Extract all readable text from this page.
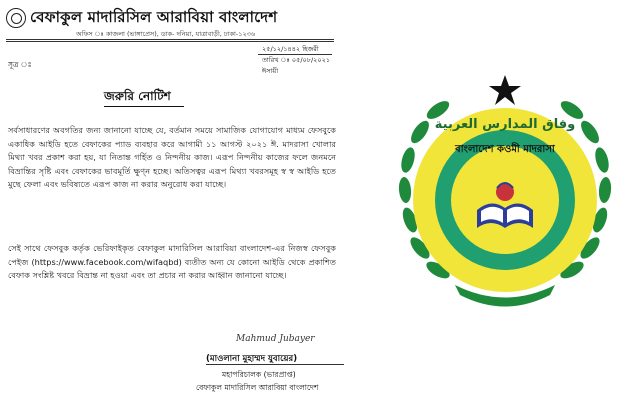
বেফাকুল মাদারিসিল আরাবিয়া বাংলাদেশ
অফিস ঃ কাজলা (ভাঙ্গাপ্রেস), ডাক- দনিয়া, যাত্রাবাড়ী, ঢাকা-১২৩৬
২৫/১২/১৪৪২ হিজরী
সূত্র ঃ	তারিখ ঃ ০৫/০৮/২০২১ ঈসায়ী
জরুরি নোটিশ
সর্বসাধারণের অবগতির জন্য জানানো যাচ্ছে যে, বর্তমান সময়ে সামাজিক যোগাযোগ মাধ্যম ফেসবুকে একাধিক আইডি হতে বেফাকের প্যাড ব্যবহার করে আগামী ১১ আগস্ট ২০২১ ঈ. মাদরাসা খোলার মিথ্যা খবর প্রকাশ করা হয়, যা নিতান্ত গর্হিত ও নিন্দনীয় কাজ। এরূপ নিন্দনীয় কাজের ফলে জনমনে বিভ্রান্তির সৃষ্টি এবং বেফাকের ভাবমূর্তি ক্ষুণ্ন হচ্ছে। অতিসত্বর এরূপ মিথ্যা খবরসমূহ স্ব স্ব আইডি হতে মুছে ফেলা এবং ভবিষ্যতে এরূপ কাজ না করার অনুরোধ করা যাচ্ছে।
সেই সাথে ফেসবুক কর্তৃক ভেরিফাইকৃত বেফাকুল মাদারিসিল আরাবিয়া বাংলাদেশ-এর নিজস্ব ফেসবুক পেইজ (https://www.facebook.com/wifaqbd) ব্যতীত অন্য যে কোনো আইডি থেকে প্রকাশিত বেফাক সংশ্লিষ্ট খবরে বিভ্রান্ত না হওয়া এবং তা প্রচার না করার আহ্বান জানানো যাচ্ছে।
Mahmud Jubayer
(মাওলানা মুহাম্মদ যুবায়ের)
মহাপরিচালক (ভারপ্রাপ্ত)
বেফাকুল মাদারিসিল আরাবিয়া বাংলাদেশ
وفاق المدارس العربية
বাংলাদেশ কওমী মাদরাসা
